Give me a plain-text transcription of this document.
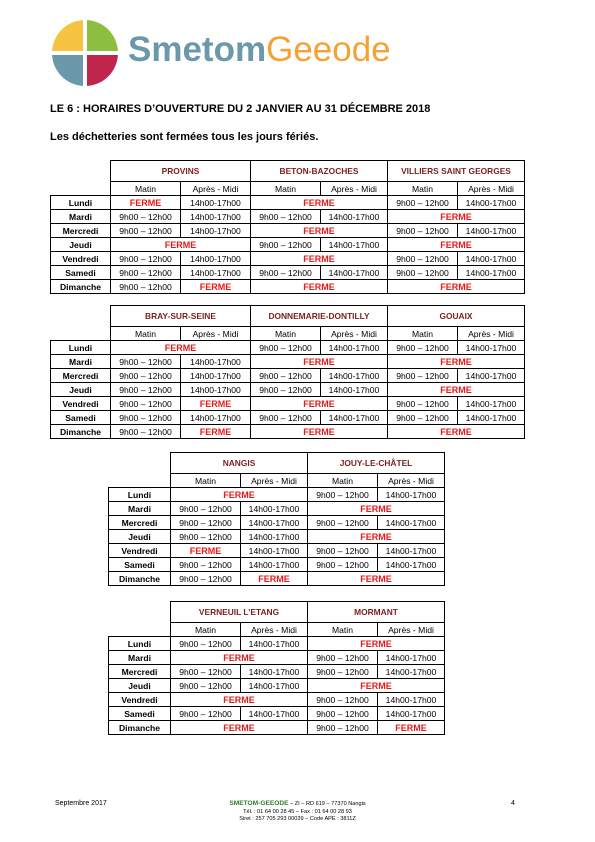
SmetomGeeode
LE 6 : HORAIRES D’OUVERTURE DU 2 JANVIER AU 31 DÉCEMBRE 2018
Les déchetteries sont fermées tous les jours fériés.
	PROVINS		BETON-BAZOCHES		VILLIERS SAINT GEORGES	
	Matin	Après - Midi	Matin	Après - Midi	Matin	Après - Midi
Lundi	FERME	14h00-17h00	FERME		9h00 – 12h00	14h00-17h00
Mardi	9h00 – 12h00	14h00-17h00	9h00 – 12h00	14h00-17h00	FERME	
Mercredi	9h00 – 12h00	14h00-17h00	FERME		9h00 – 12h00	14h00-17h00
Jeudi	FERME		9h00 – 12h00	14h00-17h00	FERME	
Vendredi	9h00 – 12h00	14h00-17h00	FERME		9h00 – 12h00	14h00-17h00
Samedi	9h00 – 12h00	14h00-17h00	9h00 – 12h00	14h00-17h00	9h00 – 12h00	14h00-17h00
Dimanche	9h00 – 12h00	FERME	FERME		FERME	
	BRAY-SUR-SEINE		DONNEMARIE-DONTILLY		GOUAIX	
	Matin	Après - Midi	Matin	Après - Midi	Matin	Après - Midi
Lundi	FERME		9h00 – 12h00	14h00-17h00	9h00 – 12h00	14h00-17h00
Mardi	9h00 – 12h00	14h00-17h00	FERME		FERME	
Mercredi	9h00 – 12h00	14h00-17h00	9h00 – 12h00	14h00-17h00	9h00 – 12h00	14h00-17h00
Jeudi	9h00 – 12h00	14h00-17h00	9h00 – 12h00	14h00-17h00	FERME	
Vendredi	9h00 – 12h00	FERME	FERME		9h00 – 12h00	14h00-17h00
Samedi	9h00 – 12h00	14h00-17h00	9h00 – 12h00	14h00-17h00	9h00 – 12h00	14h00-17h00
Dimanche	9h00 – 12h00	FERME	FERME		FERME	
	NANGIS		JOUY-LE-CHÂTEL	
	Matin	Après - Midi	Matin	Après - Midi
Lundi	FERME		9h00 – 12h00	14h00-17h00
Mardi	9h00 – 12h00	14h00-17h00	FERME	
Mercredi	9h00 – 12h00	14h00-17h00	9h00 – 12h00	14h00-17h00
Jeudi	9h00 – 12h00	14h00-17h00	FERME	
Vendredi	FERME	14h00-17h00	9h00 – 12h00	14h00-17h00
Samedi	9h00 – 12h00	14h00-17h00	9h00 – 12h00	14h00-17h00
Dimanche	9h00 – 12h00	FERME	FERME	
	VERNEUIL L’ETANG		MORMANT	
	Matin	Après - Midi	Matin	Après - Midi
Lundi	9h00 – 12h00	14h00-17h00	FERME	
Mardi	FERME		9h00 – 12h00	14h00-17h00
Mercredi	9h00 – 12h00	14h00-17h00	9h00 – 12h00	14h00-17h00
Jeudi	9h00 – 12h00	14h00-17h00	FERME	
Vendredi	FERME		9h00 – 12h00	14h00-17h00
Samedi	9h00 – 12h00	14h00-17h00	9h00 – 12h00	14h00-17h00
Dimanche	FERME		9h00 – 12h00	FERME
Septembre 2017	SMETOM-GEEODE – ZI – RD 619 – 77370 Nangis
Tél. : 01 64 00 28 45 – Fax : 01 64 00 28 93
Siret : 257 705 293 00039 – Code APE : 3811Z
4
